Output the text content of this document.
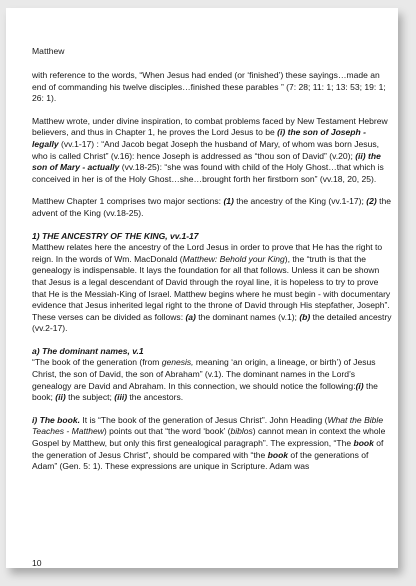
Matthew

with reference to the words, “When Jesus had ended (or ‘finished’) these sayings…made an end of commanding his twelve disciples…finished these parables ” (7: 28; 11: 1; 13: 53; 19: 1; 26: 1).

Matthew wrote, under divine inspiration, to combat problems faced by New Testament Hebrew believers, and thus in Chapter 1, he proves the Lord Jesus to be (i) the son of Joseph - legally (vv.1-17) : “And Jacob begat Joseph the husband of Mary, of whom was born Jesus, who is called Christ” (v.16): hence Joseph is addressed as “thou son of David” (v.20); (ii) the son of Mary - actually (vv.18-25): “she was found with child of the Holy Ghost…that which is conceived in her is of the Holy Ghost…she…brought forth her firstborn son” (vv.18, 20, 25).

Matthew Chapter 1 comprises two major sections: (1) the ancestry of the King (vv.1-17); (2) the advent of the King (vv.18-25).

1) THE ANCESTRY OF THE KING, vv.1-17

Matthew relates here the ancestry of the Lord Jesus in order to prove that He has the right to reign. In the words of Wm. MacDonald (Matthew: Behold your King), the “truth is that the genealogy is indispensable. It lays the foundation for all that follows. Unless it can be shown that Jesus is a legal descendant of David through the royal line, it is hopeless to try to prove that He is the Messiah-King of Israel. Matthew begins where he must begin - with documentary evidence that Jesus inherited legal right to the throne of David through His stepfather, Joseph”. These verses can be divided as follows: (a) the dominant names (v.1); (b) the detailed ancestry (vv.2-17).

a) The dominant names, v.1

“The book of the generation (from genesis, meaning ‘an origin, a lineage, or birth’) of Jesus Christ, the son of David, the son of Abraham” (v.1). The dominant names in the Lord’s genealogy are David and Abraham. In this connection, we should notice the following:(i) the book; (ii) the subject; (iii) the ancestors.

i) The book. It is “The book of the generation of Jesus Christ”. John Heading (What the Bible Teaches - Matthew) points out that “the word ‘book’ (biblos) cannot mean in context the whole Gospel by Matthew, but only this first genealogical paragraph”. The expression, “The book of the generation of Jesus Christ”, should be compared with “the book of the generations of Adam” (Gen. 5: 1). These expressions are unique in Scripture. Adam was

10
